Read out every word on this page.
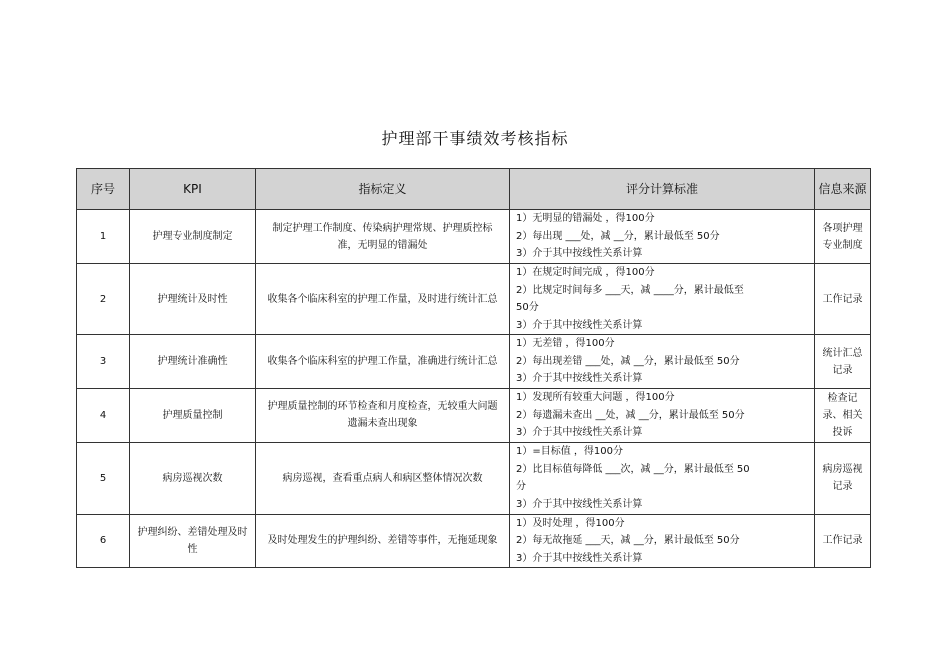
护理部干事绩效考核指标
序号	KPI	指标定义	评分计算标准	信息来源
1	护理专业制度制定	制定护理工作制度、传染病护理常规、护理质控标准，无明显的错漏处	1）无明显的错漏处 ，得100分
2）每出现 ___处，减 __分，累计最低至 50分
3）介于其中按线性关系计算	各项护理专业制度
2	护理统计及时性	收集各个临床科室的护理工作量，及时进行统计汇总	1）在规定时间完成 ，得100分
2）比规定时间每多 ___天，减 ____分，累计最低至
50分
3）介于其中按线性关系计算	工作记录
3	护理统计准确性	收集各个临床科室的护理工作量，准确进行统计汇总	1）无差错 ，得100分
2）每出现差错 ___处，减 __分，累计最低至 50分
3）介于其中按线性关系计算	统计汇总记录
4	护理质量控制	护理质量控制的环节检查和月度检查，无较重大问题遗漏未查出现象	1）发现所有较重大问题 ，得100分
2）每遗漏未查出 __处，减 __分，累计最低至 50分
3）介于其中按线性关系计算	检查记录、相关投诉
5	病房巡视次数	病房巡视，查看重点病人和病区整体情况次数	1）=目标值 ，得100分
2）比目标值每降低 ___次，减 __分，累计最低至 50
分
3）介于其中按线性关系计算	病房巡视记录
6	护理纠纷、差错处理及时性	及时处理发生的护理纠纷、差错等事件，无拖延现象	1）及时处理 ，得100分
2）每无故拖延 ___天，减 __分，累计最低至 50分
3）介于其中按线性关系计算	工作记录
